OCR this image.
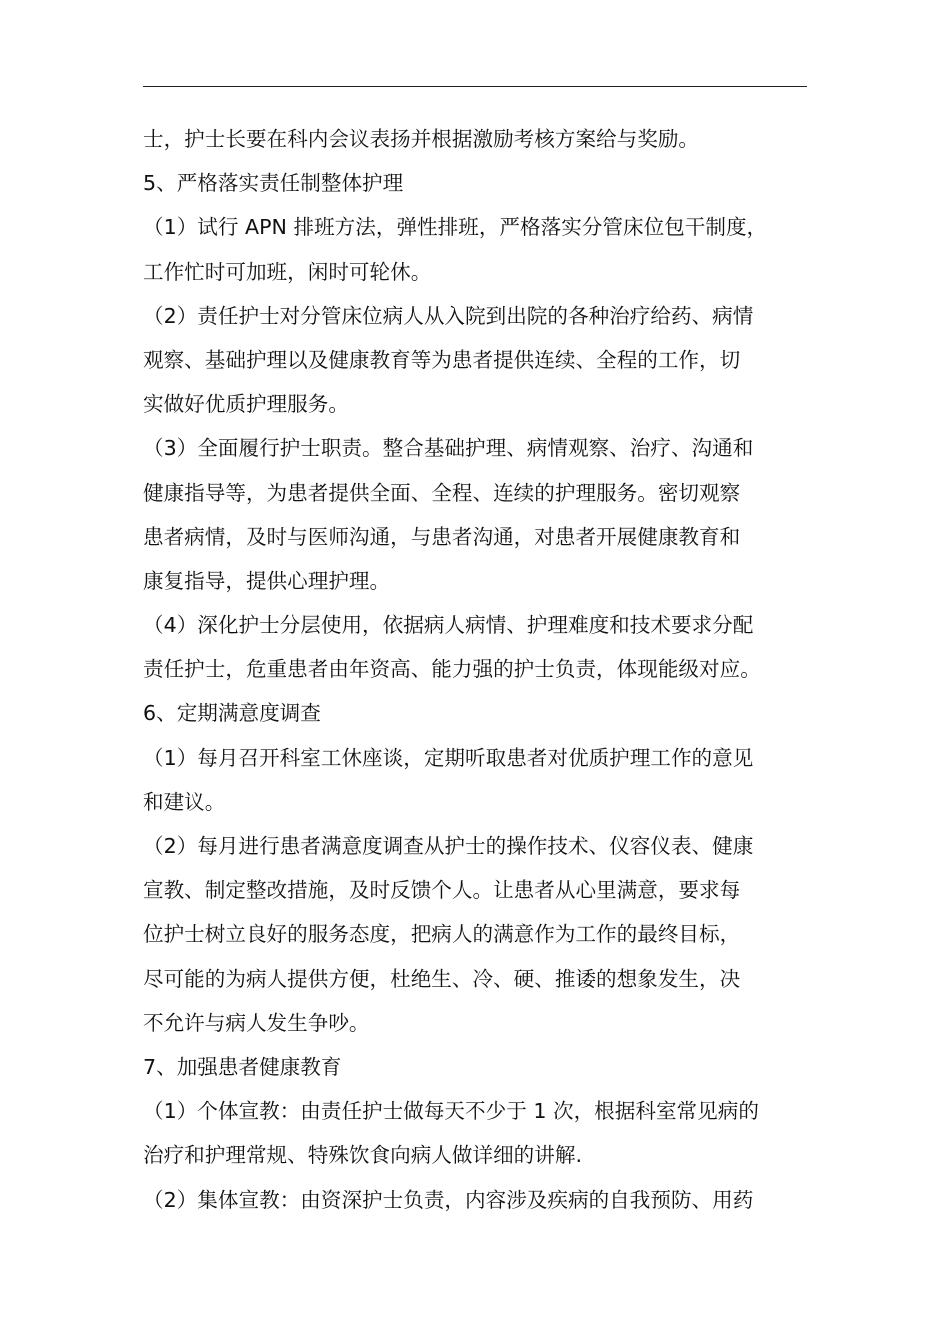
士，护士长要在科内会议表扬并根据激励考核方案给与奖励。
5、严格落实责任制整体护理
（1）试行 APN 排班方法，弹性排班，严格落实分管床位包干制度，
工作忙时可加班，闲时可轮休。
（2）责任护士对分管床位病人从入院到出院的各种治疗给药、病情
观察、基础护理以及健康教育等为患者提供连续、全程的工作，切
实做好优质护理服务。
（3）全面履行护士职责。整合基础护理、病情观察、治疗、沟通和
健康指导等，为患者提供全面、全程、连续的护理服务。密切观察
患者病情，及时与医师沟通，与患者沟通，对患者开展健康教育和
康复指导，提供心理护理。
（4）深化护士分层使用，依据病人病情、护理难度和技术要求分配
责任护士，危重患者由年资高、能力强的护士负责，体现能级对应。
6、定期满意度调查
（1）每月召开科室工休座谈，定期听取患者对优质护理工作的意见
和建议。
（2）每月进行患者满意度调查从护士的操作技术、仪容仪表、健康
宣教、制定整改措施，及时反馈个人。让患者从心里满意，要求每
位护士树立良好的服务态度，把病人的满意作为工作的最终目标，
尽可能的为病人提供方便，杜绝生、冷、硬、推诿的想象发生，决
不允许与病人发生争吵。
7、加强患者健康教育
（1）个体宣教：由责任护士做每天不少于 1 次，根据科室常见病的
治疗和护理常规、特殊饮食向病人做详细的讲解.
（2）集体宣教：由资深护士负责，内容涉及疾病的自我预防、用药
